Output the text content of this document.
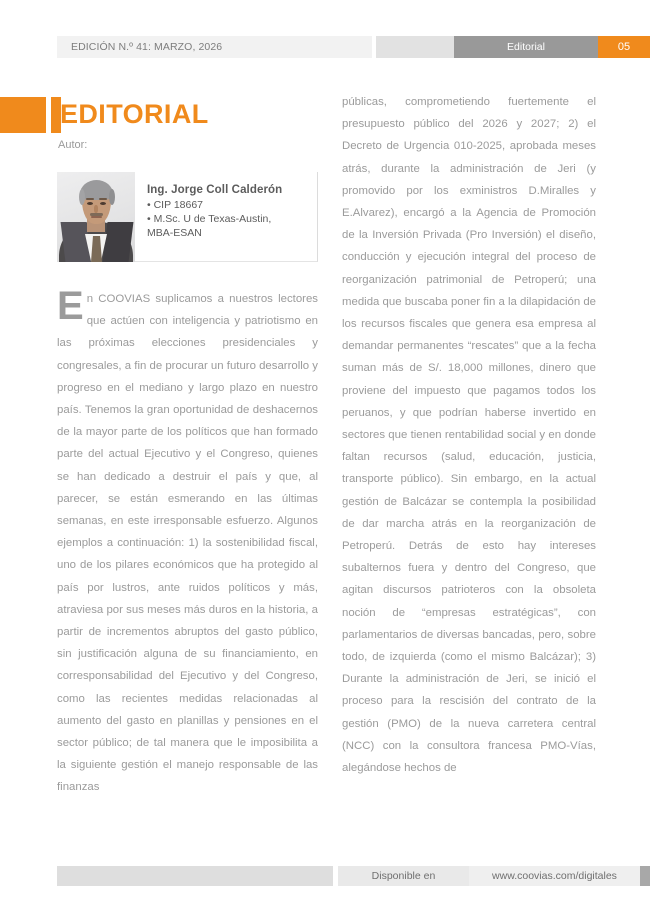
EDICIÓN N.º 41: MARZO, 2026	Editorial	05
EDITORIAL
Autor:
Ing. Jorge Coll Calderón
• CIP 18667
• M.Sc. U de Texas-Austin,
MBA-ESAN

En COOVIAS suplicamos a nuestros lectores que actúen con inteligencia y patriotismo en las próximas elecciones presidenciales y congresales, a fin de procurar un futuro desarrollo y progreso en el mediano y largo plazo en nuestro país. Tenemos la gran oportunidad de deshacernos de la mayor parte de los políticos que han formado parte del actual Ejecutivo y el Congreso, quienes se han dedicado a destruir el país y que, al parecer, se están esmerando en las últimas semanas, en este irresponsable esfuerzo. Algunos ejemplos a continuación: 1) la sostenibilidad fiscal, uno de los pilares económicos que ha protegido al país por lustros, ante ruidos políticos y más, atraviesa por sus meses más duros en la historia, a partir de incrementos abruptos del gasto público, sin justificación alguna de su financiamiento, en corresponsabilidad del Ejecutivo y del Congreso, como las recientes medidas relacionadas al aumento del gasto en planillas y pensiones en el sector público; de tal manera que le imposibilita a la siguiente gestión el manejo responsable de las finanzas

públicas, comprometiendo fuertemente el presupuesto público del 2026 y 2027; 2) el Decreto de Urgencia 010-2025, aprobada meses atrás, durante la administración de Jeri (y promovido por los exministros D.Miralles y E.Alvarez), encargó a la Agencia de Promoción de la Inversión Privada (Pro Inversión) el diseño, conducción y ejecución integral del proceso de reorganización patrimonial de Petroperú; una medida que buscaba poner fin a la dilapidación de los recursos fiscales que genera esa empresa al demandar permanentes “rescates” que a la fecha suman más de S/. 18,000 millones, dinero que proviene del impuesto que pagamos todos los peruanos, y que podrían haberse invertido en sectores que tienen rentabilidad social y en donde faltan recursos (salud, educación, justicia, transporte público). Sin embargo, en la actual gestión de Balcázar se contempla la posibilidad de dar marcha atrás en la reorganización de Petroperú. Detrás de esto hay intereses subalternos fuera y dentro del Congreso, que agitan discursos patrioteros con la obsoleta noción de “empresas estratégicas”, con parlamentarios de diversas bancadas, pero, sobre todo, de izquierda (como el mismo Balcázar); 3) Durante la administración de Jeri, se inició el proceso para la rescisión del contrato de la gestión (PMO) de la nueva carretera central (NCC) con la consultora francesa PMO-Vías, alegándose hechos de

Disponible en	www.coovias.com/digitales
